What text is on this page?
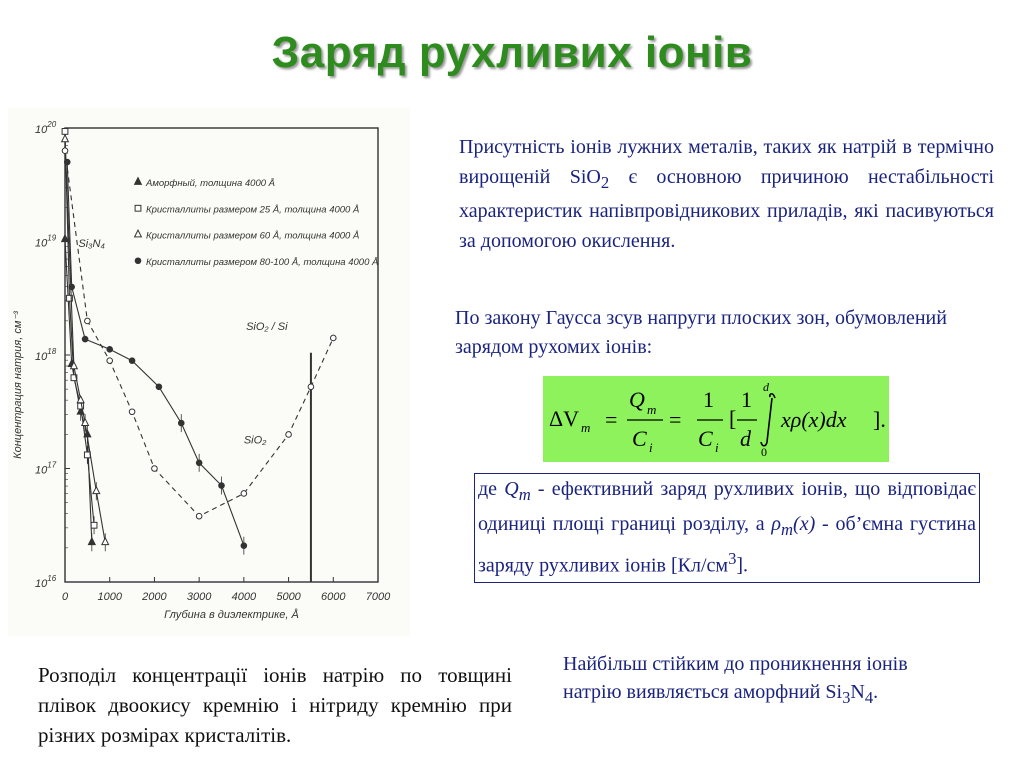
Заряд рухливих іонів
0	1000 2000 3000 4000 5000 6000 7000
$10^{16}$
$10^{17}$
$10^{18}$
$10^{19}$
$10^{20}$
Глубина в диэлектрике, Å
Концентрация натрия, см⁻³
Si₃N₄
SiO₂ / Si
SiO₂
Аморфный, толщина 4000 Å
Кристаллиты размером 25 Å, толщина 4000 Å
Кристаллиты размером 60 Å, толщина 4000 Å
Кристаллиты размером 80-100 Å, толщина 4000 Å
Присутність іонів лужних металів, таких як натрій в термічно вирощеній SiO$_2$ є основною причиною нестабільності характеристик напівпровідникових приладів, які пасивуються за допомогою окислення.
По закону Гаусса зсув напруги плоских зон, обумовлений зарядом рухомих іонів:
ΔV m =
Q m
C i
=
1
C i
[
1
d
d
0
xρ(x)dx ].
де $Q_m$ - ефективний заряд рухливих іонів, що відповідає одиниці площі границі розділу, а $\rho_m(x)$ - об’ємна густина заряду рухливих іонів $[Кл/см^3]$.
Розподіл концентрації іонів натрію по товщині плівок двоокису кремнію і нітриду кремнію при різних розмірах кристалітів.
Найбільш стійким до проникнення іонів натрію виявляється аморфний $Si_3N_4$.
